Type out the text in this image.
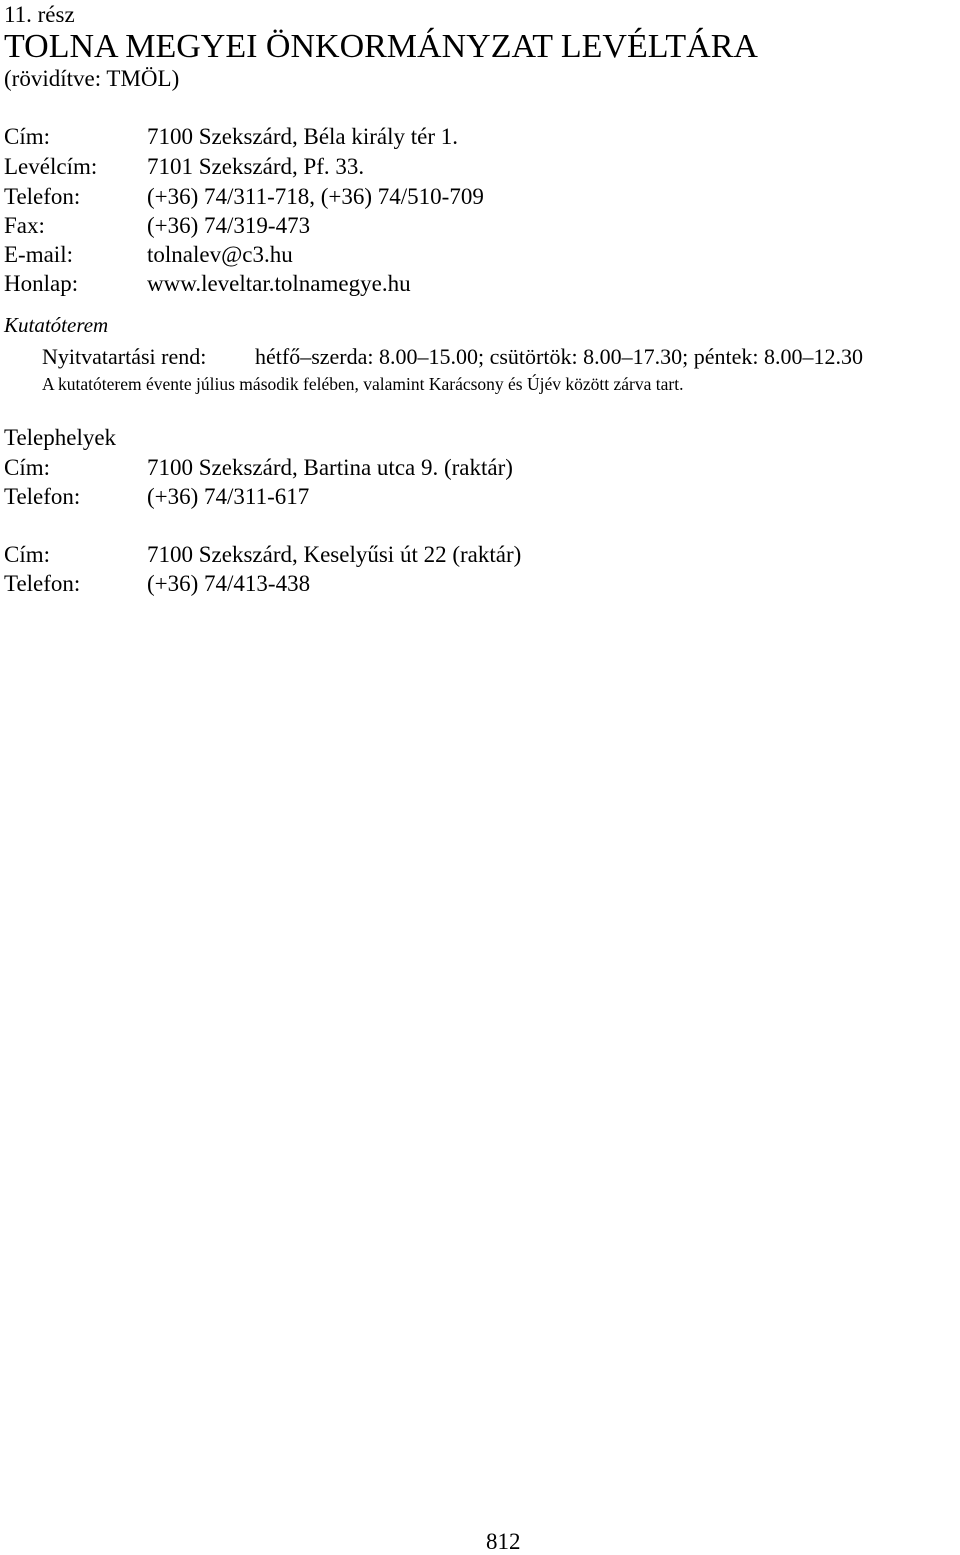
11. rész
TOLNA MEGYEI ÖNKORMÁNYZAT LEVÉLTÁRA
(rövidítve: TMÖL)
Cím:	7100 Szekszárd, Béla király tér 1.
Levélcím: 7101 Szekszárd, Pf. 33.
Telefon:	(+36) 74/311-718, (+36) 74/510-709
Fax:	(+36) 74/319-473
E-mail:	tolnalev@c3.hu
Honlap:	www.leveltar.tolnamegye.hu
Kutatóterem
Nyitvatartási rend: hétfő–szerda: 8.00–15.00; csütörtök: 8.00–17.30; péntek: 8.00–12.30
A kutatóterem évente július második felében, valamint Karácsony és Újév között zárva tart.
Telephelyek
Cím:	7100 Szekszárd, Bartina utca 9. (raktár)
Telefon:	(+36) 74/311-617
Cím:	7100 Szekszárd, Keselyűsi út 22 (raktár)
Telefon:	(+36) 74/413-438
812
